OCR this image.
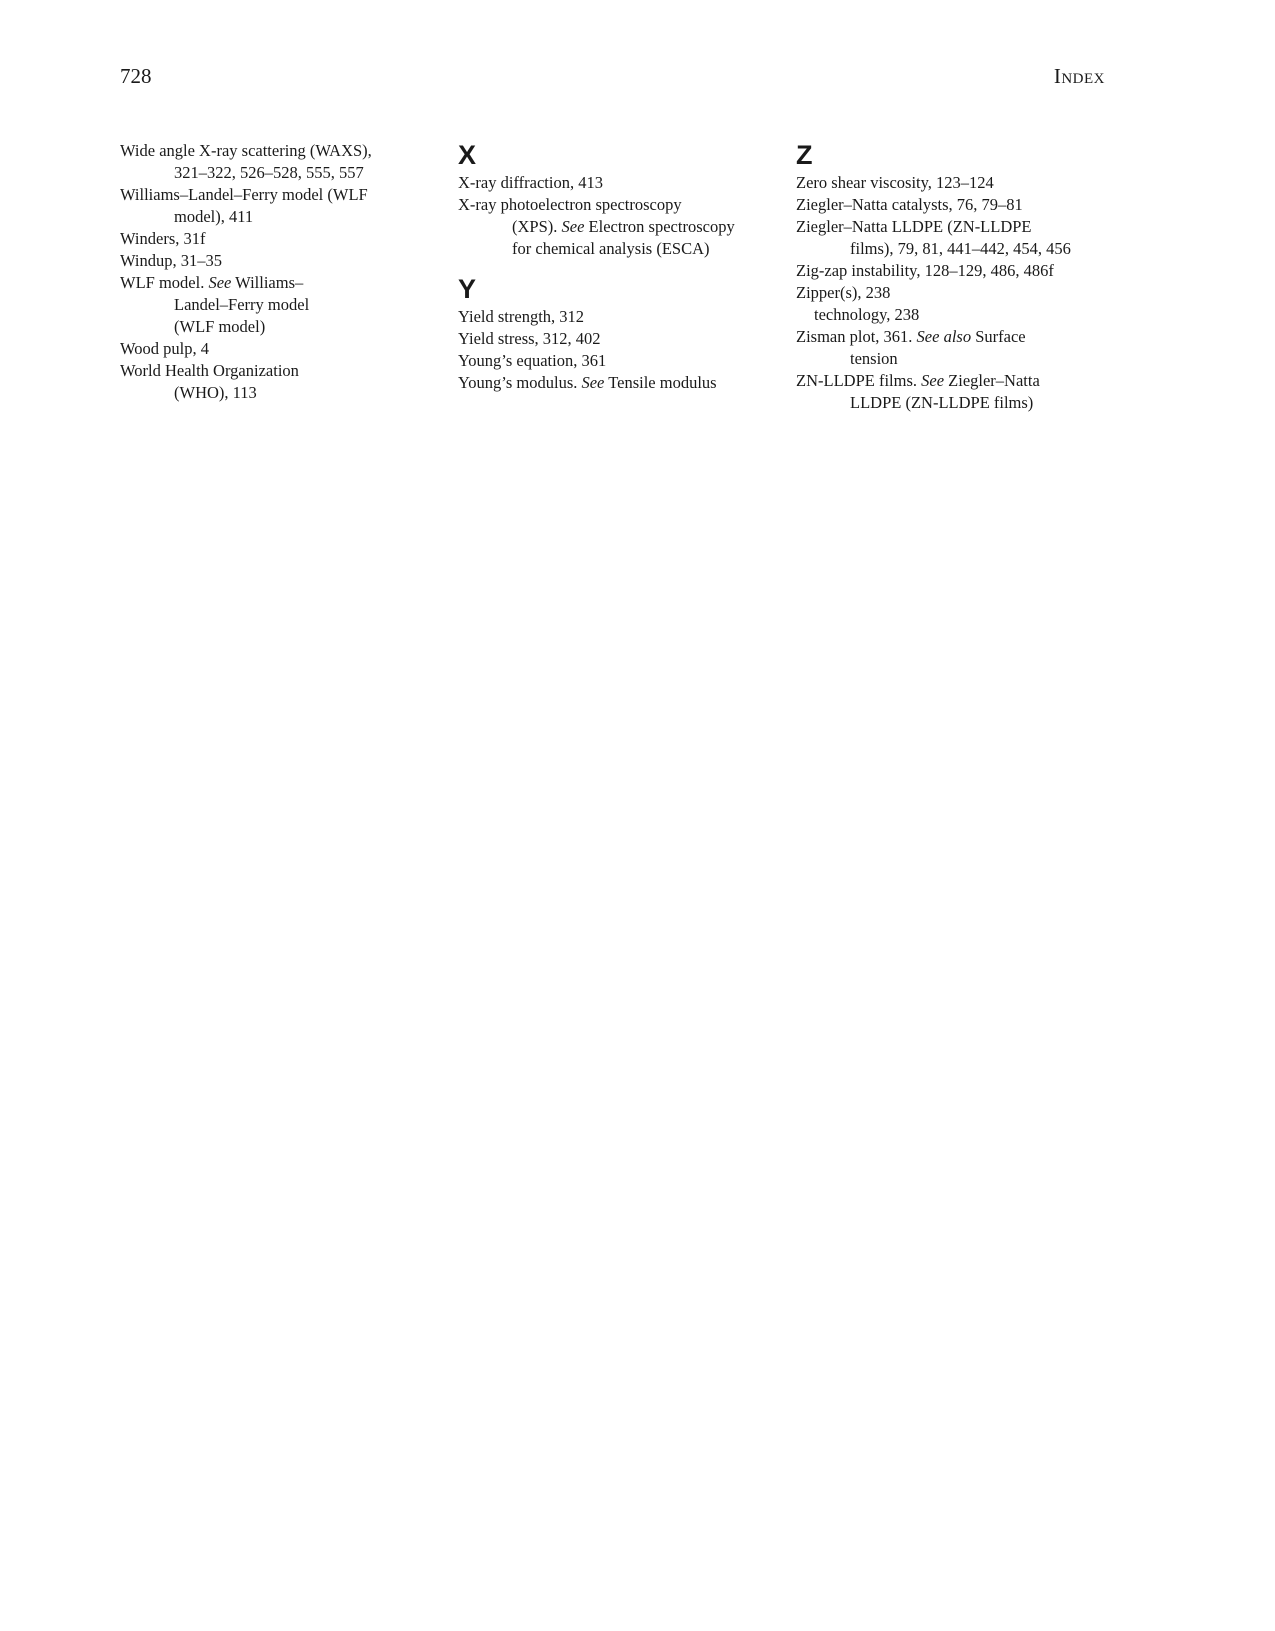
728	Index
Wide angle X-ray scattering (WAXS),
321–322, 526–528, 555, 557
Williams–Landel–Ferry model (WLF
model), 411
Winders, 31f
Windup, 31–35
WLF model. See Williams–
Landel–Ferry model
(WLF model)
Wood pulp, 4
World Health Organization
(WHO), 113
X
X-ray diffraction, 413
X-ray photoelectron spectroscopy
(XPS). See Electron spectroscopy
for chemical analysis (ESCA)
Y
Yield strength, 312
Yield stress, 312, 402
Young’s equation, 361
Young’s modulus. See Tensile modulus
Z
Zero shear viscosity, 123–124
Ziegler–Natta catalysts, 76, 79–81
Ziegler–Natta LLDPE (ZN-LLDPE
films), 79, 81, 441–442, 454, 456
Zig-zap instability, 128–129, 486, 486f
Zipper(s), 238
technology, 238
Zisman plot, 361. See also Surface
tension
ZN-LLDPE films. See Ziegler–Natta
LLDPE (ZN-LLDPE films)
